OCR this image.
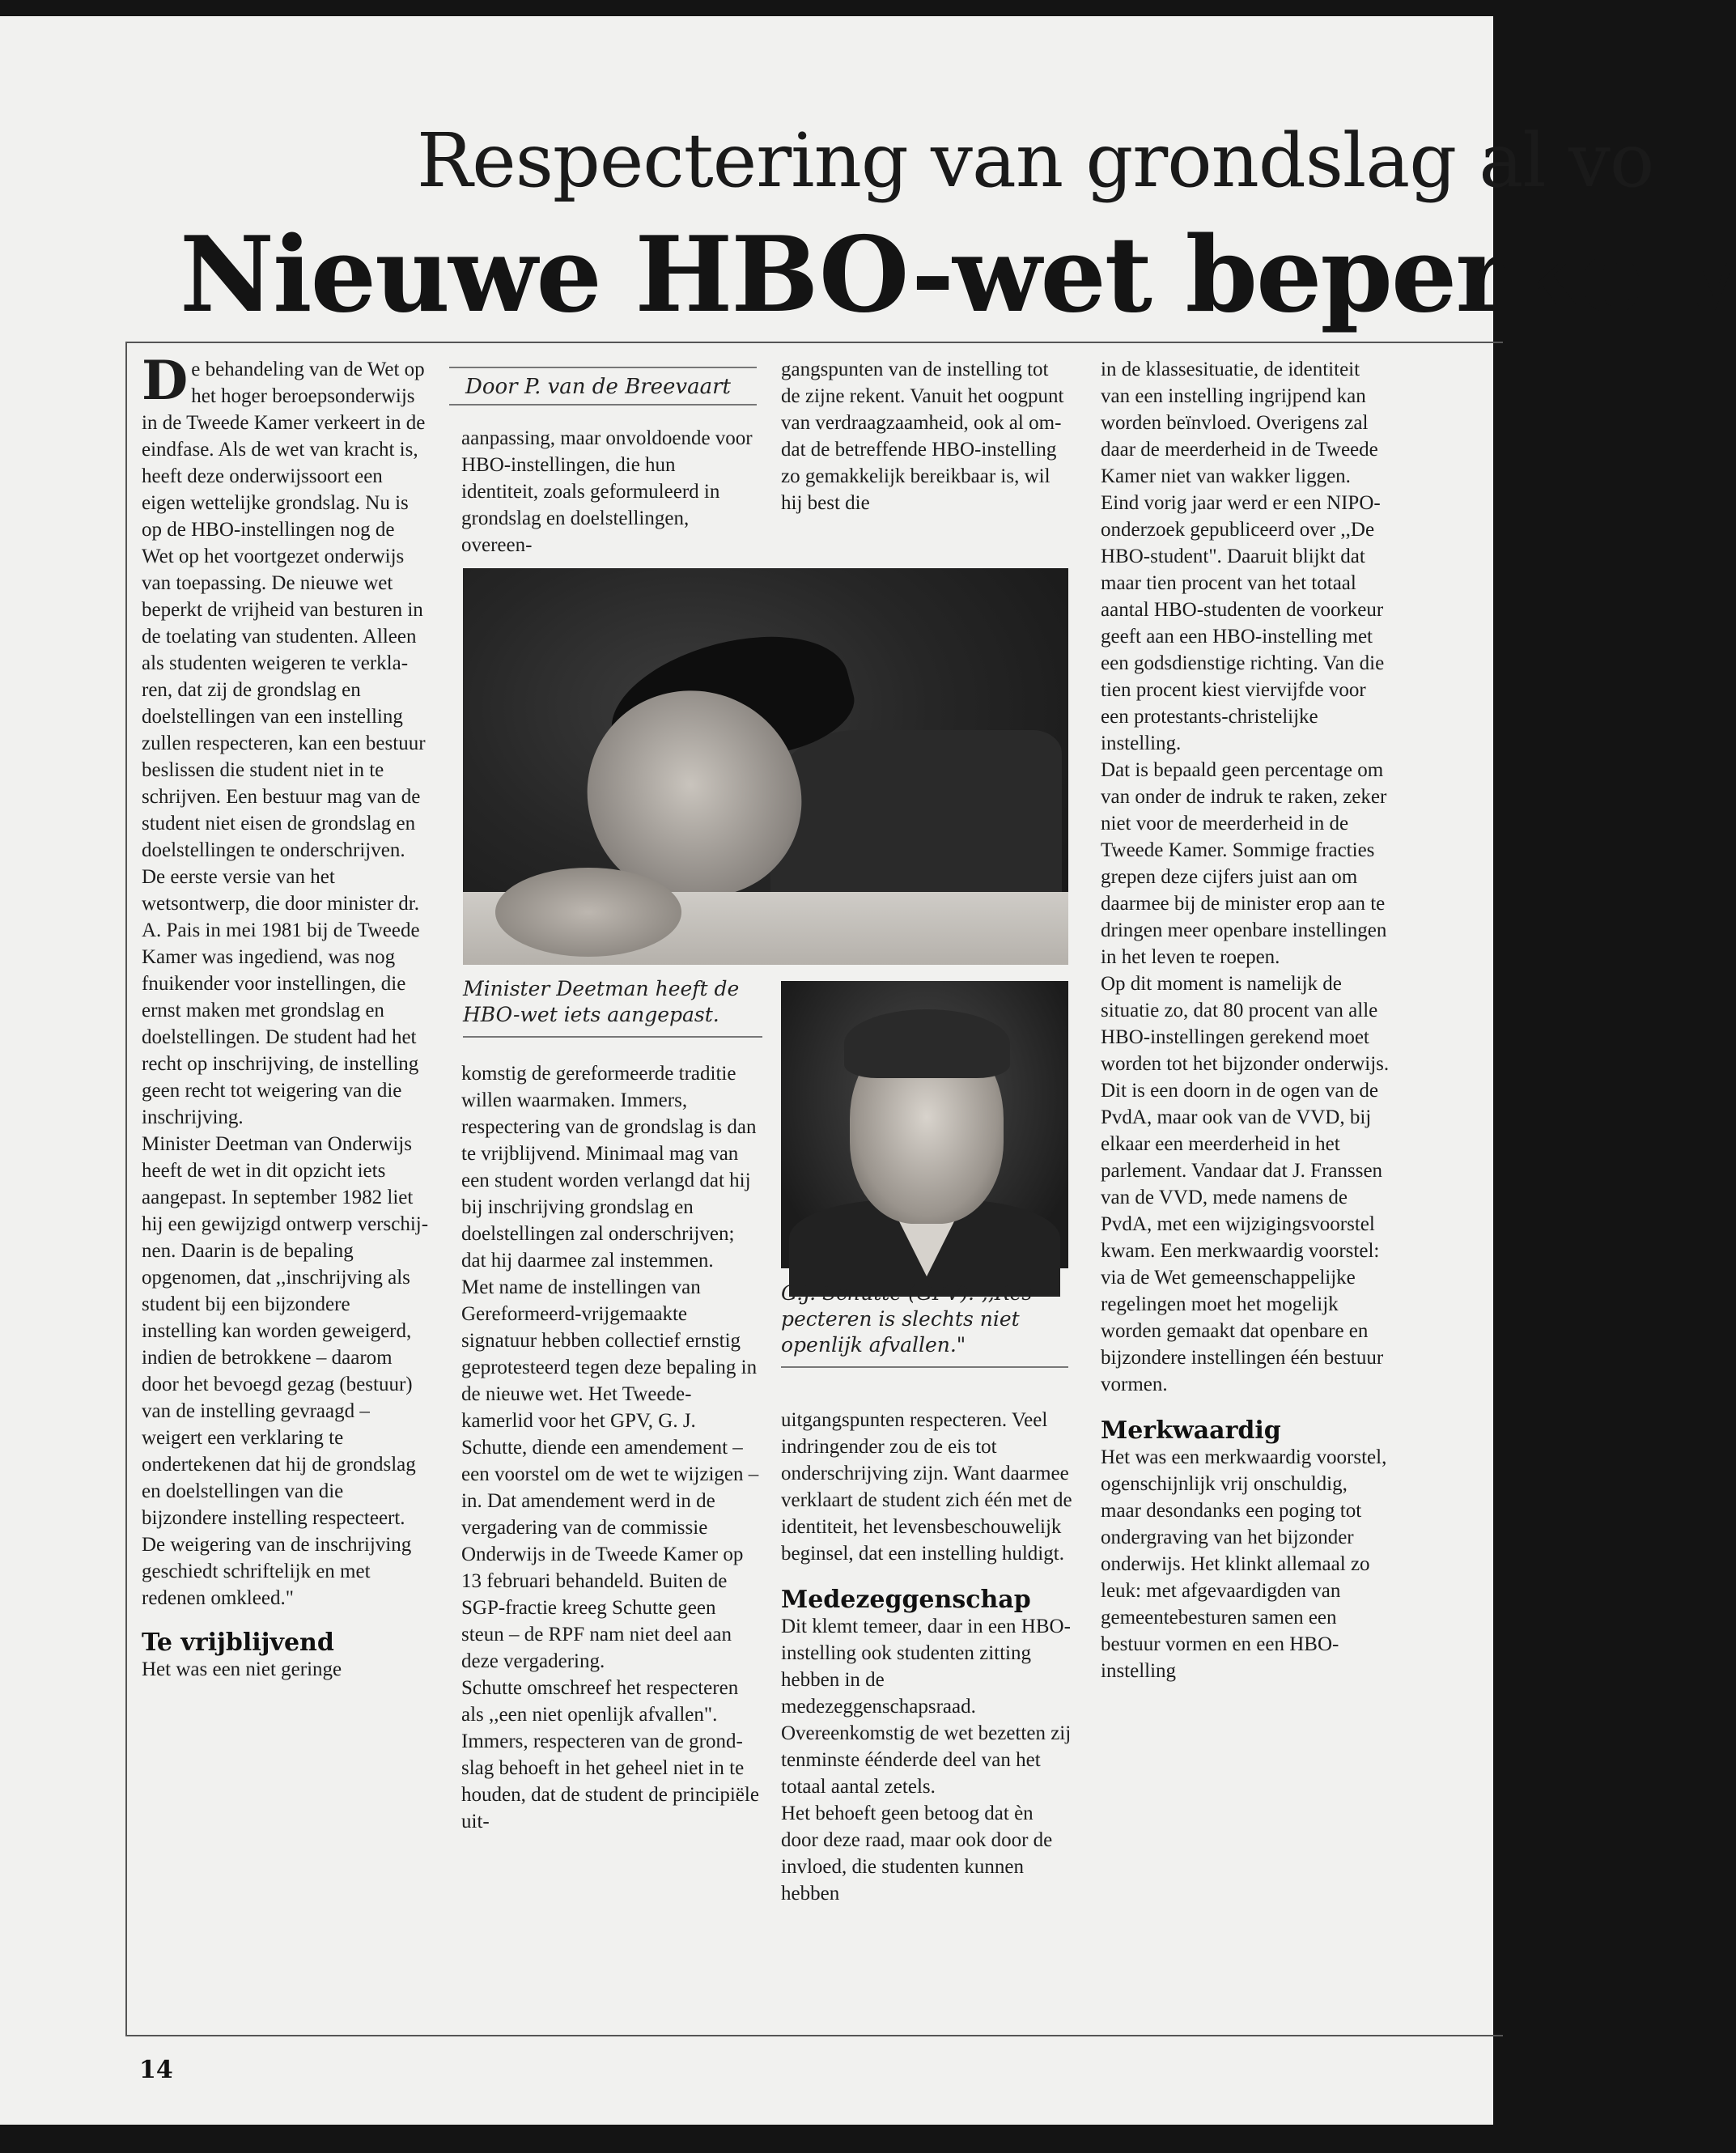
Respectering van grondslag al vo
Nieuwe HBO-wet beperke v

De behandeling van de Wet op het hoger beroepsonderwijs in de Tweede Kamer verkeert in de eindfase. Als de wet van kracht is, heeft deze onderwijssoort een eigen wettelijke grondslag. Nu is op de HBO-instellingen nog de Wet op het voortgezet onderwijs van toepassing. De nieuwe wet beperkt de vrijheid van besturen in de toelating van studenten. Alleen als studenten weigeren te verklaren, dat zij de grondslag en doelstellingen van een instelling zullen respecteren, kan een bestuur beslissen die student niet in te schrijven. Een bestuur mag van de student niet eisen de grondslag en doelstellingen te onderschrijven.

De eerste versie van het wetsontwerp, die door minister dr. A. Pais in mei 1981 bij de Tweede Kamer was ingediend, was nog fnuikender voor instellingen, die ernst maken met grondslag en doelstellingen. De student had het recht op inschrijving, de instelling geen recht tot weigering van die inschrijving.

Minister Deetman van Onderwijs heeft de wet in dit opzicht iets aangepast. In september 1982 liet hij een gewijzigd ontwerp verschijnen. Daarin is de bepaling opgenomen, dat ,,inschrijving als student bij een bijzondere instelling kan worden geweigerd, indien de betrokkene – daarom door het bevoegd gezag (bestuur) van de instelling gevraagd – weigert een verklaring te ondertekenen dat hij de grondslag en doelstellingen van die bijzondere instelling respecteert. De weigering van de inschrijving geschiedt schriftelijk en met redenen omkleed."

Te vrijblijvend

Het was een niet geringe

Door P. van de Breevaart

aanpassing, maar onvoldoende voor HBO-instellingen, die hun identiteit, zoals geformuleerd in grondslag en doelstellingen, overeen-

gangspunten van de instelling tot de zijne rekent. Vanuit het oogpunt van verdraagzaamheid, ook al omdat de betreffende HBO-instelling zo gemakkelijk bereikbaar is, wil hij best die

Minister Deetman heeft de HBO-wet iets aangepast.
G.J. Schutte (GPV): ,,Respecteren is slechts niet openlijk afvallen."

komstig de gereformeerde traditie willen waarmaken. Immers, respectering van de grondslag is dan te vrijblijvend. Minimaal mag van een student worden verlangd dat hij bij inschrijving grondslag en doelstellingen zal onderschrijven; dat hij daarmee zal instemmen.

Met name de instellingen van Gereformeerd-vrijgemaakte signatuur hebben collectief ernstig geprotesteerd tegen deze bepaling in de nieuwe wet. Het Tweede-kamerlid voor het GPV, G. J. Schutte, diende een amendement – een voorstel om de wet te wijzigen – in. Dat amendement werd in de vergadering van de commissie Onderwijs in de Tweede Kamer op 13 februari behandeld. Buiten de SGP-fractie kreeg Schutte geen steun – de RPF nam niet deel aan deze vergadering.

Schutte omschreef het respecteren als ,,een niet openlijk afvallen". Immers, respecteren van de grondslag behoeft in het geheel niet in te houden, dat de student de principiële uit-

uitgangspunten respecteren. Veel indringender zou de eis tot onderschrijving zijn. Want daarmee verklaart de student zich één met de identiteit, het levensbeschouwelijk beginsel, dat een instelling huldigt.

Medezeggenschap

Dit klemt temeer, daar in een HBO-instelling ook studenten zitting hebben in de medezeggenschapsraad. Overeenkomstig de wet bezetten zij tenminste éénderde deel van het totaal aantal zetels.

Het behoeft geen betoog dat èn door deze raad, maar ook door de invloed, die studenten kunnen hebben

in de klassesituatie, de identiteit van een instelling ingrijpend kan worden beïnvloed. Overigens zal daar de meerderheid in de Tweede Kamer niet van wakker liggen.

Eind vorig jaar werd er een NIPO-onderzoek gepubliceerd over ,,De HBO-student". Daaruit blijkt dat maar tien procent van het totaal aantal HBO-studenten de voorkeur geeft aan een HBO-instelling met een godsdienstige richting. Van die tien procent kiest viervijfde voor een protestants-christelijke instelling.

Dat is bepaald geen percentage om van onder de indruk te raken, zeker niet voor de meerderheid in de Tweede Kamer. Sommige fracties grepen deze cijfers juist aan om daarmee bij de minister erop aan te dringen meer openbare instellingen in het leven te roepen.

Op dit moment is namelijk de situatie zo, dat 80 procent van alle HBO-instellingen gerekend moet worden tot het bijzonder onderwijs. Dit is een doorn in de ogen van de PvdA, maar ook van de VVD, bij elkaar een meerderheid in het parlement. Vandaar dat J. Franssen van de VVD, mede namens de PvdA, met een wijzigingsvoorstel kwam. Een merkwaardig voorstel: via de Wet gemeenschappelijke regelingen moet het mogelijk worden gemaakt dat openbare en bijzondere instellingen één bestuur vormen.

Merkwaardig

Het was een merkwaardig voorstel, ogenschijnlijk vrij onschuldig, maar desondanks een poging tot ondergraving van het bijzonder onderwijs. Het klinkt allemaal zo leuk: met afgevaardigden van gemeentebesturen samen een bestuur vormen en een HBO-instelling

14
